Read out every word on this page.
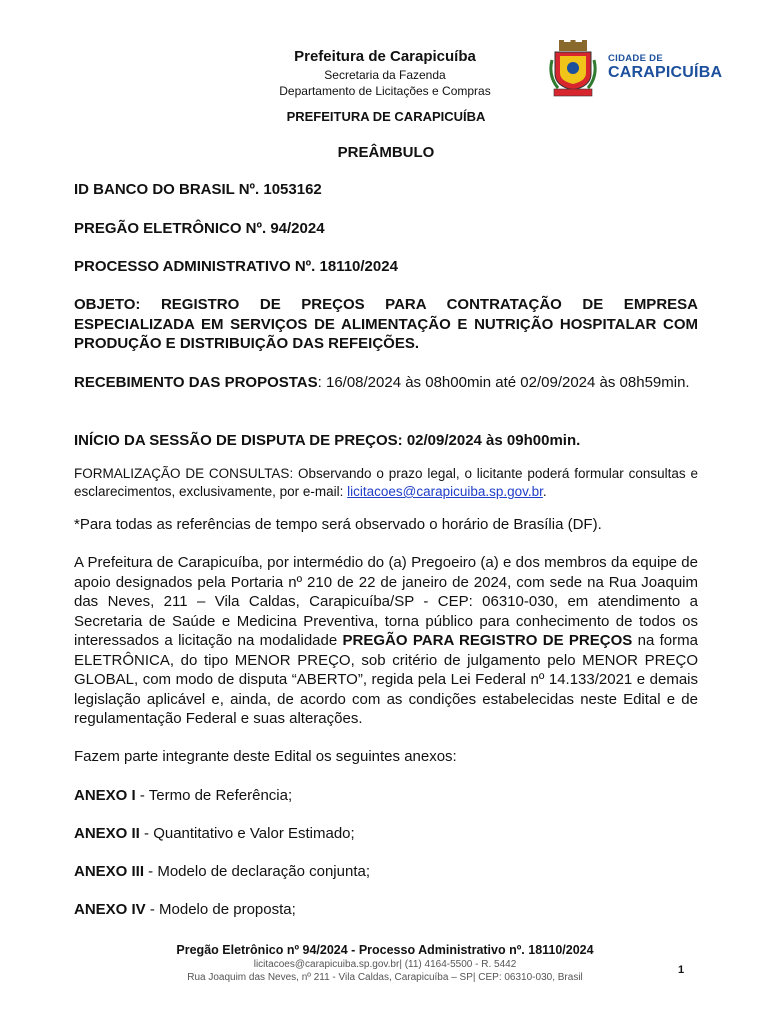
Prefeitura de Carapicuíba
Secretaria da Fazenda
Departamento de Licitações e Compras
CIDADE DE
CARAPICUÍBA

PREFEITURA DE CARAPICUÍBA

PREÂMBULO

ID BANCO DO BRASIL Nº. 1053162

PREGÃO ELETRÔNICO Nº. 94/2024

PROCESSO ADMINISTRATIVO Nº. 18110/2024

OBJETO: REGISTRO DE PREÇOS PARA CONTRATAÇÃO DE EMPRESA ESPECIALIZADA EM SERVIÇOS DE ALIMENTAÇÃO E NUTRIÇÃO HOSPITALAR COM PRODUÇÃO E DISTRIBUIÇÃO DAS REFEIÇÕES.

RECEBIMENTO DAS PROPOSTAS: 16/08/2024 às 08h00min até 02/09/2024 às 08h59min.

INÍCIO DA SESSÃO DE DISPUTA DE PREÇOS: 02/09/2024 às 09h00min.

FORMALIZAÇÃO DE CONSULTAS: Observando o prazo legal, o licitante poderá formular consultas e esclarecimentos, exclusivamente, por e-mail: licitacoes@carapicuiba.sp.gov.br.

*Para todas as referências de tempo será observado o horário de Brasília (DF).

A Prefeitura de Carapicuíba, por intermédio do (a) Pregoeiro (a) e dos membros da equipe de apoio designados pela Portaria nº 210 de 22 de janeiro de 2024, com sede na Rua Joaquim das Neves, 211 – Vila Caldas, Carapicuíba/SP - CEP: 06310-030, em atendimento a Secretaria de Saúde e Medicina Preventiva, torna público para conhecimento de todos os interessados a licitação na modalidade PREGÃO PARA REGISTRO DE PREÇOS na forma ELETRÔNICA, do tipo MENOR PREÇO, sob critério de julgamento pelo MENOR PREÇO GLOBAL, com modo de disputa “ABERTO”, regida pela Lei Federal nº 14.133/2021 e demais legislação aplicável e, ainda, de acordo com as condições estabelecidas neste Edital e de regulamentação Federal e suas alterações.

Fazem parte integrante deste Edital os seguintes anexos:

ANEXO I - Termo de Referência;

ANEXO II - Quantitativo e Valor Estimado;

ANEXO III - Modelo de declaração conjunta;

ANEXO IV - Modelo de proposta;

Pregão Eletrônico nº 94/2024 - Processo Administrativo nº. 18110/2024
licitacoes@carapicuiba.sp.gov.br| (11) 4164-5500 - R. 5442
Rua Joaquim das Neves, nº 211 - Vila Caldas, Carapicuíba – SP| CEP: 06310-030, Brasil
1
